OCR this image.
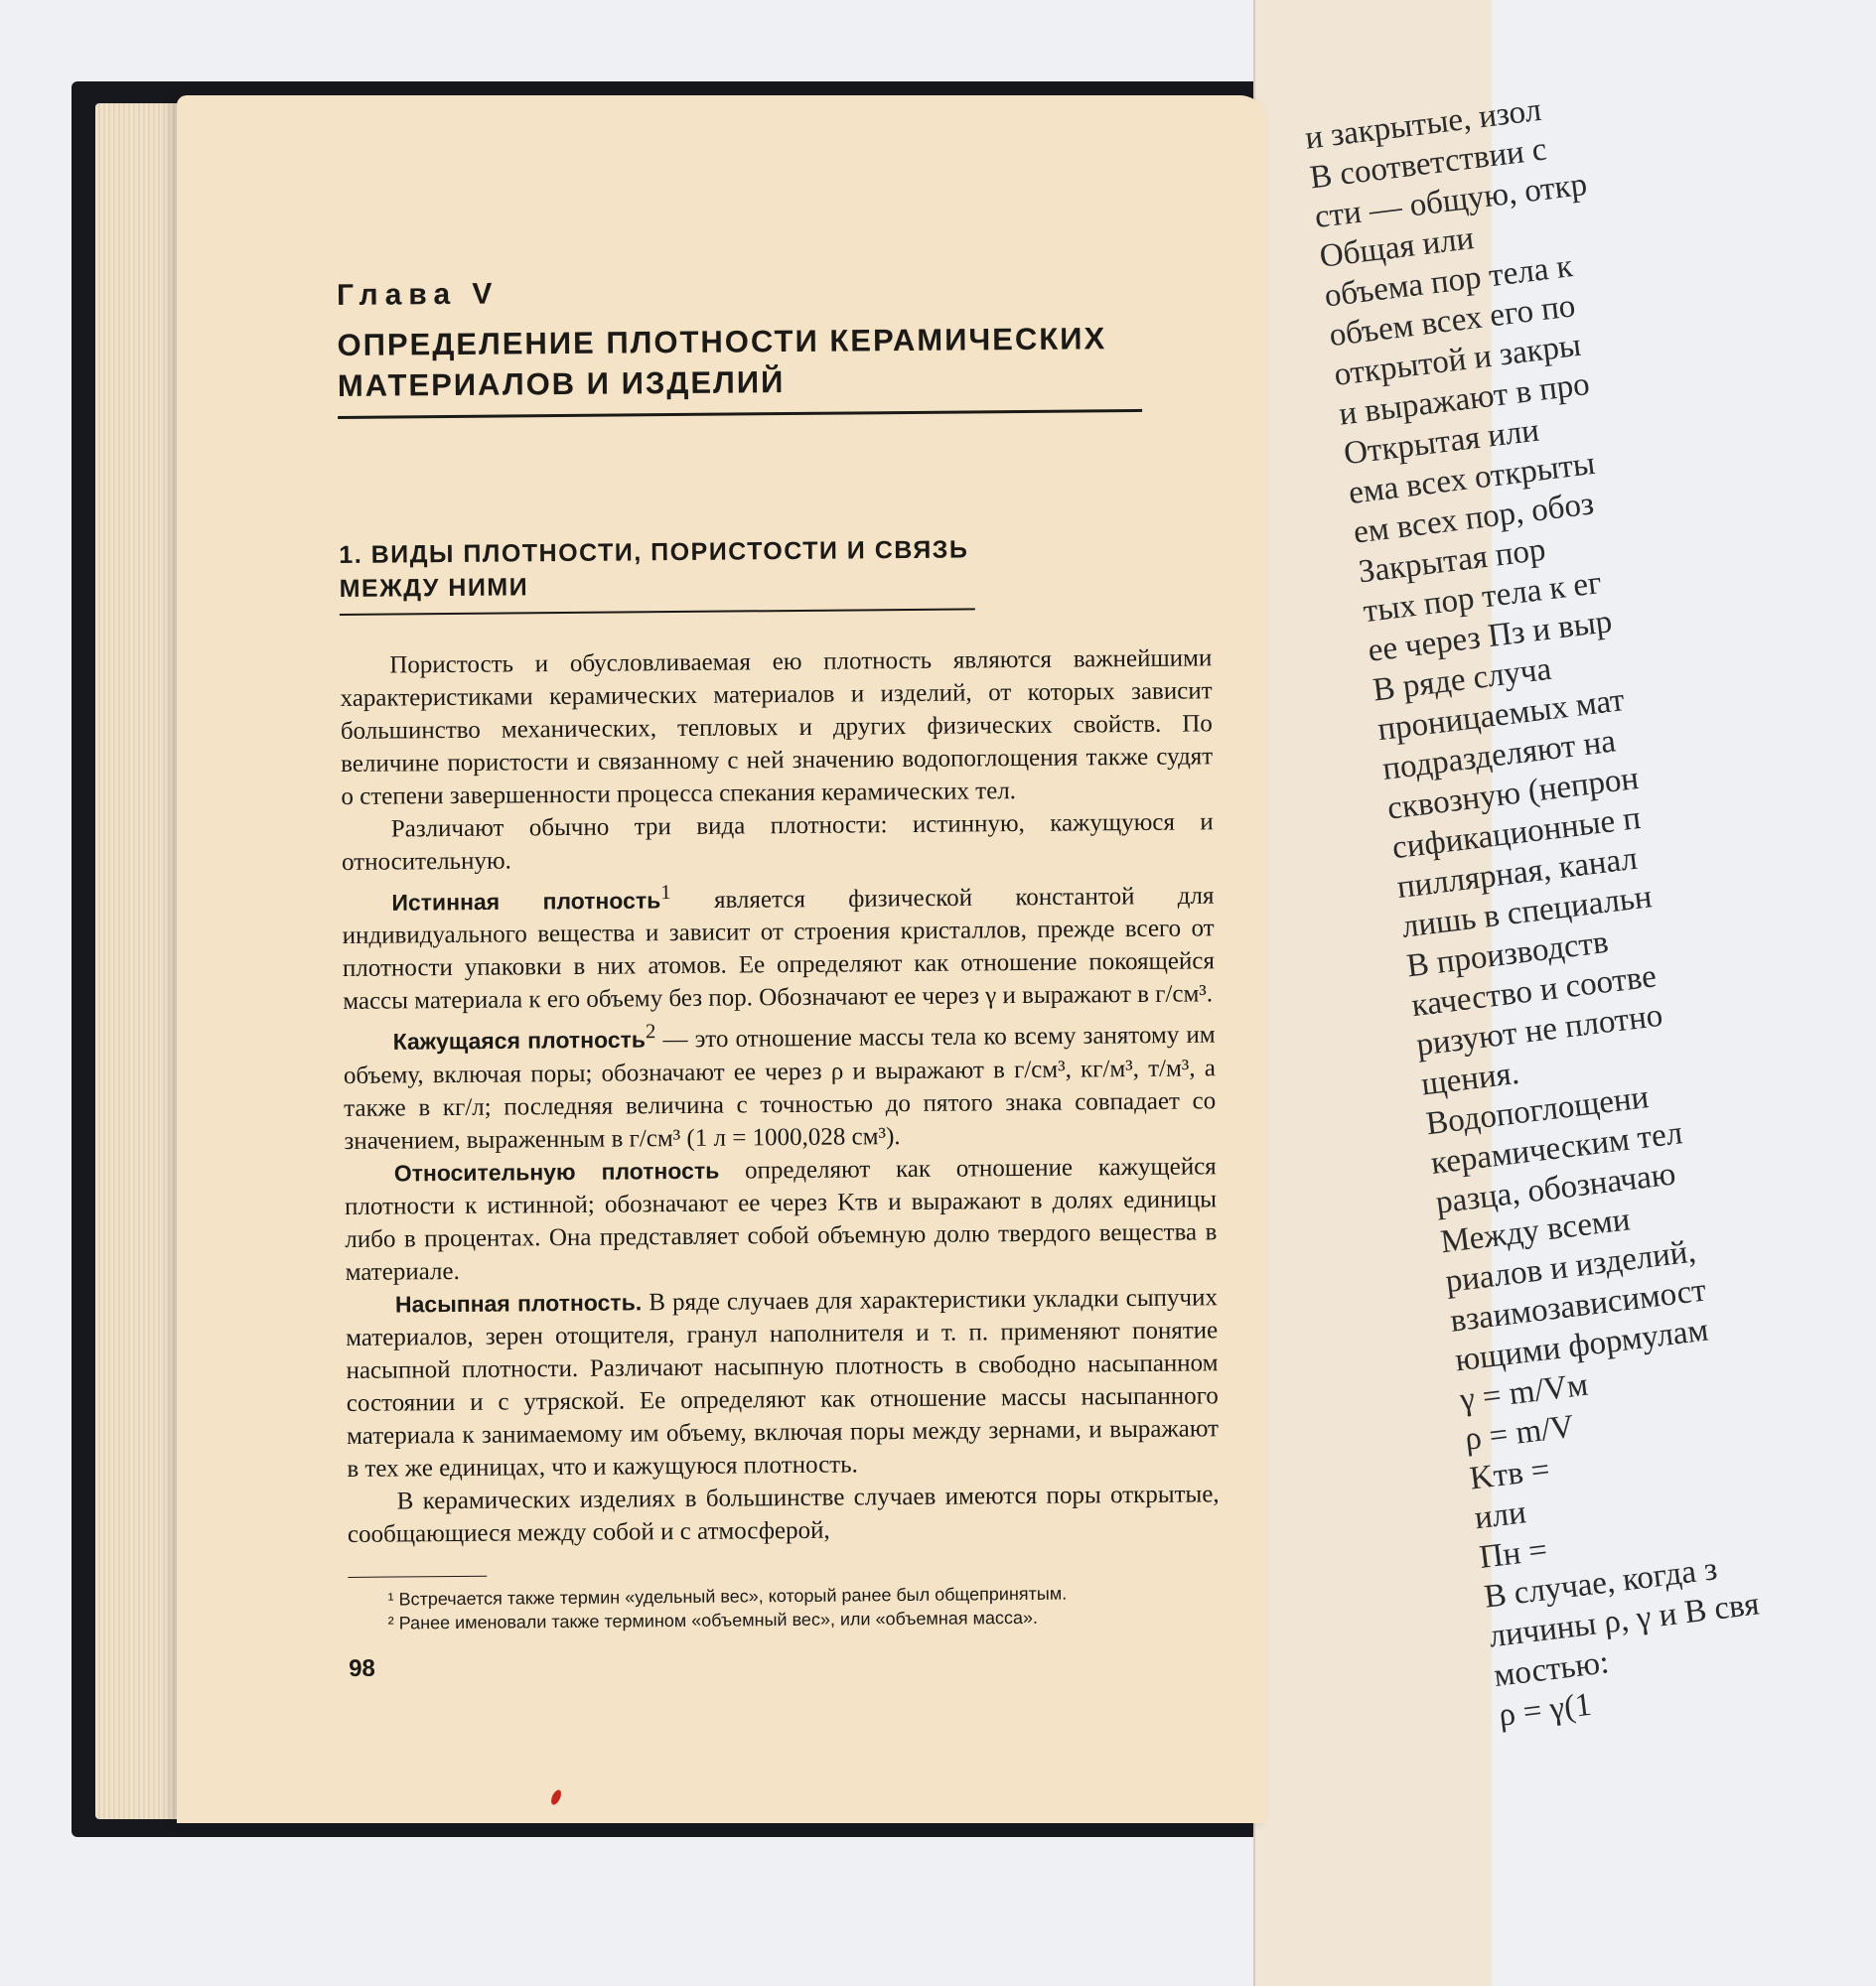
и закрытые, изол
В соответствии с
сти — общую, откр
Общая или
объема пор тела к
объем всех его по
открытой и закры
и выражают в про
Открытая или
ема всех открыты
ем всех пор, обоз
Закрытая пор
тых пор тела к ег
ее через Пз и выр
В ряде случа
проницаемых мат
подразделяют на
сквозную (непрон
сификационные п
пиллярная, канал
лишь в специальн
В производств
качество и соотве
ризуют не плотно
щения.
Водопоглощени
керамическим тел
разца, обозначаю
Между всеми
риалов и изделий,
взаимозависимост
ющими формулам
γ = m/Vм
ρ = m/V
Kтв =
или
Пн =
В случае, когда з
личины ρ, γ и В свя
мостью:
ρ = γ(1
Глава V
ОПРЕДЕЛЕНИЕ ПЛОТНОСТИ КЕРАМИЧЕСКИХ МАТЕРИАЛОВ И ИЗДЕЛИЙ
1. ВИДЫ ПЛОТНОСТИ, ПОРИСТОСТИ И СВЯЗЬ МЕЖДУ НИМИ

Пористость и обусловливаемая ею плотность являются важнейшими характеристиками керамических материалов и изделий, от которых зависит большинство механических, тепловых и других физических свойств. По величине пористости и связанному с ней значению водопоглощения также судят о степени завершенности процесса спекания керамических тел.

Различают обычно три вида плотности: истинную, кажущуюся и относительную.

Истинная плотность$^1$ является физической константой для индивидуального вещества и зависит от строения кристаллов, прежде всего от плотности упаковки в них атомов. Ее определяют как отношение покоящейся массы материала к его объему без пор. Обозначают ее через γ и выражают в г/см³.

Кажущаяся плотность$^2$ — это отношение массы тела ко всему занятому им объему, включая поры; обозначают ее через ρ и выражают в г/см³, кг/м³, т/м³, а также в кг/л; последняя величина с точностью до пятого знака совпадает со значением, выраженным в г/см³ (1 л = 1000,028 см³).

Относительную плотность определяют как отношение кажущейся плотности к истинной; обозначают ее через Kтв и выражают в долях единицы либо в процентах. Она представляет собой объемную долю твердого вещества в материале.

Насыпная плотность. В ряде случаев для характеристики укладки сыпучих материалов, зерен отощителя, гранул наполнителя и т. п. применяют понятие насыпной плотности. Различают насыпную плотность в свободно насыпанном состоянии и с утряской. Ее определяют как отношение массы насыпанного материала к занимаемому им объему, включая поры между зернами, и выражают в тех же единицах, что и кажущуюся плотность.

В керамических изделиях в большинстве случаев имеются поры открытые, сообщающиеся между собой и с атмосферой,

¹ Встречается также термин «удельный вес», который ранее был общепринятым.

² Ранее именовали также термином «объемный вес», или «объемная масса».

98
